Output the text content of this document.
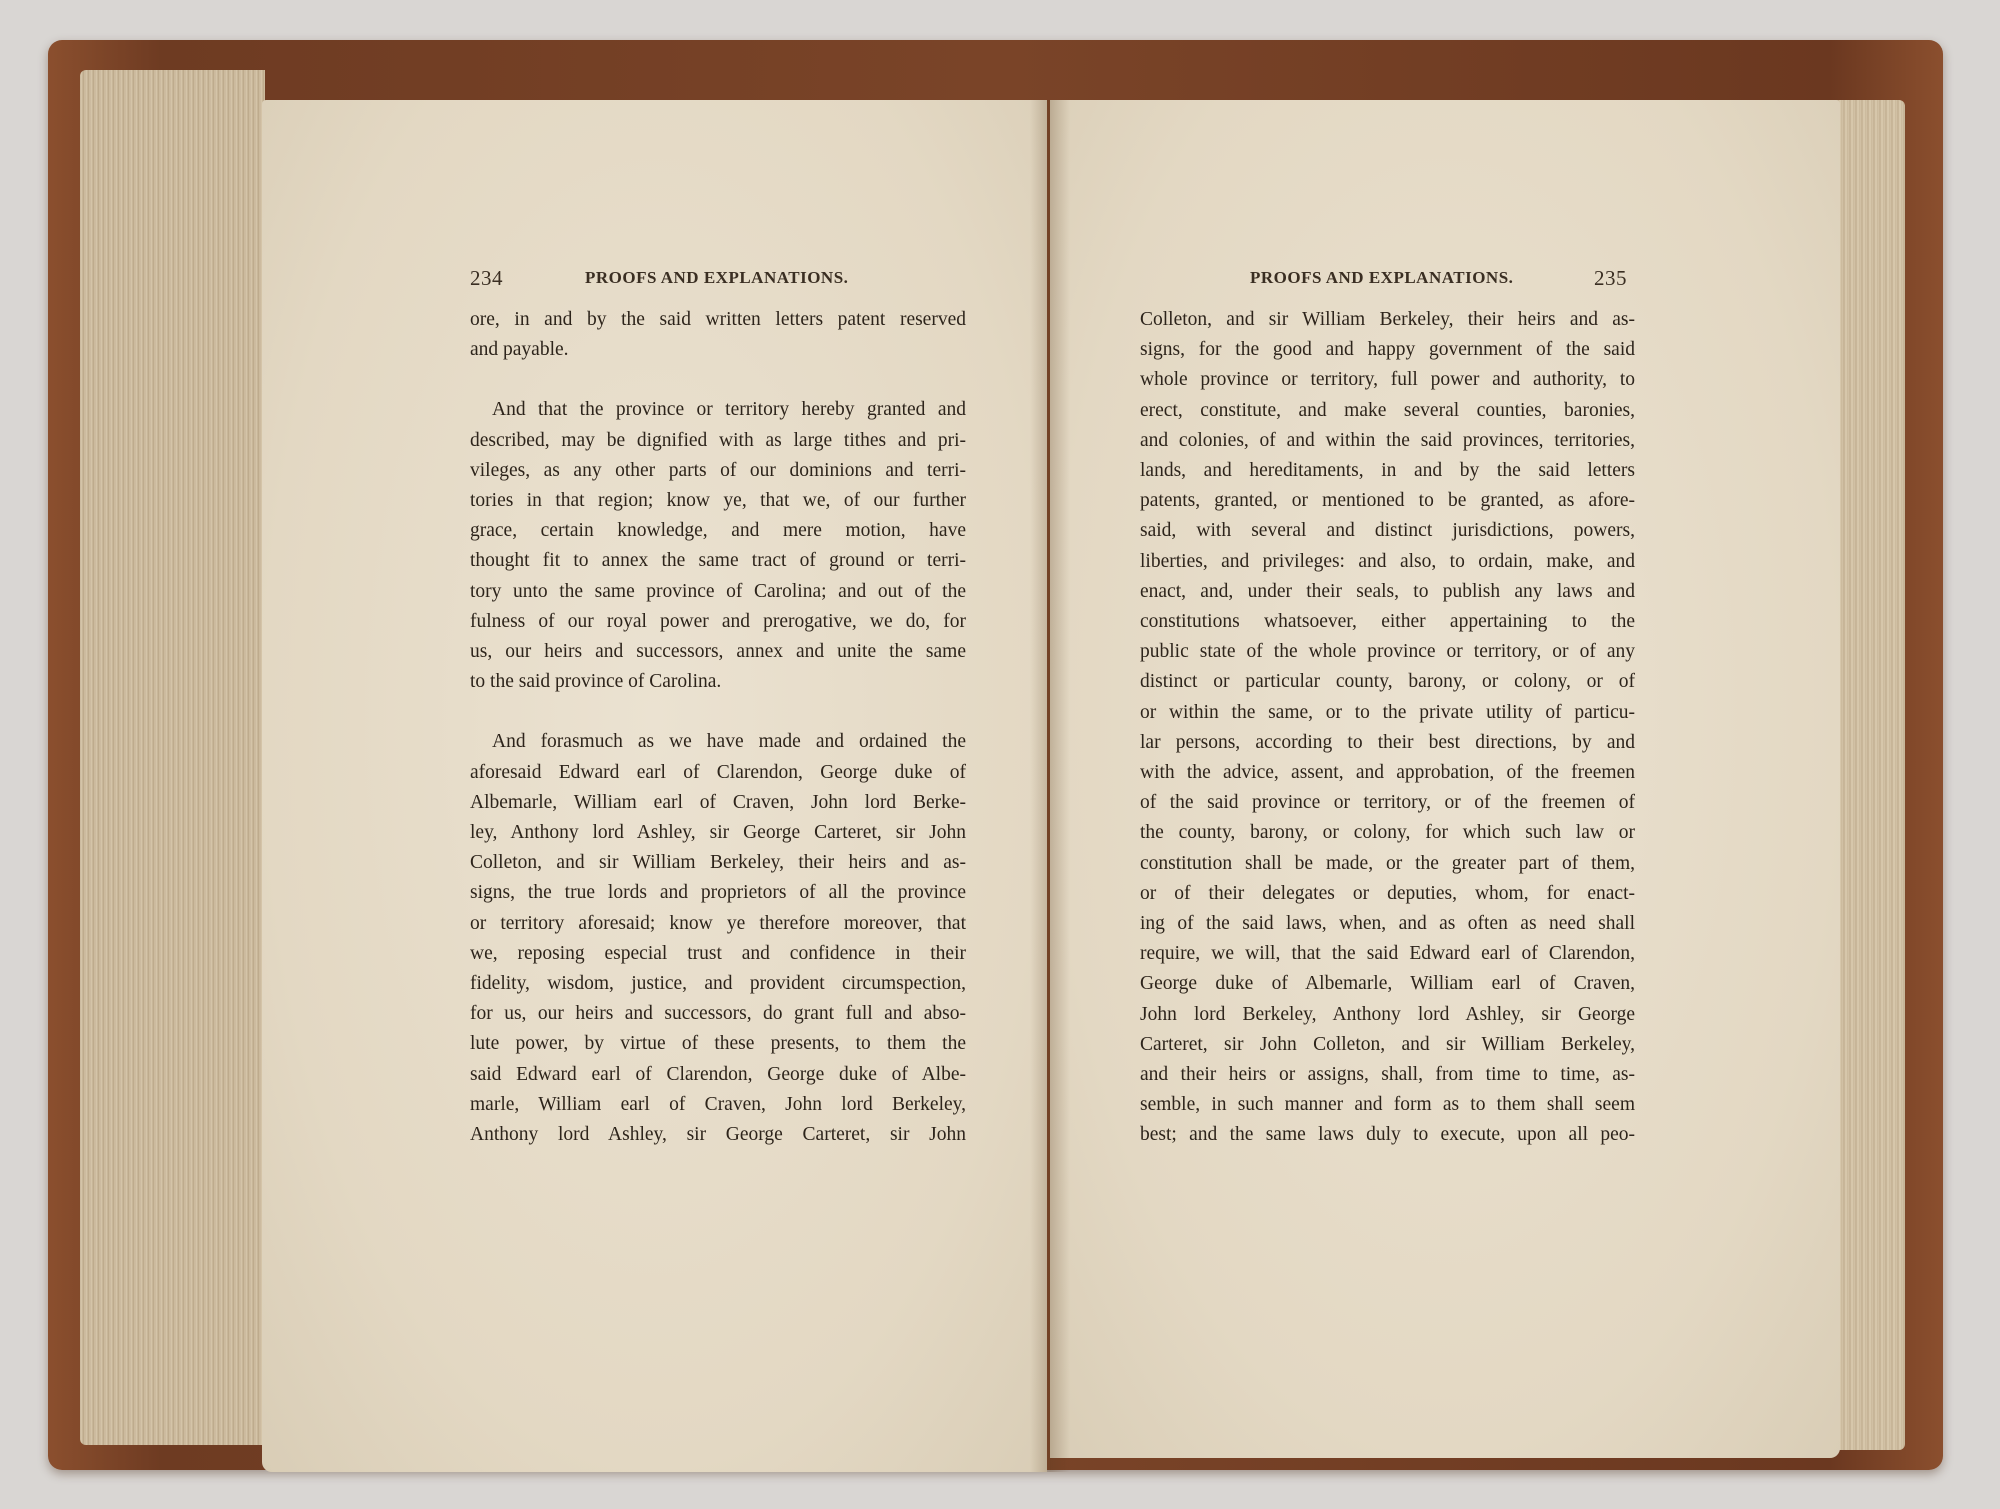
234	PROOFS AND EXPLANATIONS.	PROOFS AND EXPLANATIONS.	235

ore, in and by the said written letters patent reserved
and payable.

And that the province or territory hereby granted and
described, may be dignified with as large tithes and pri-
vileges, as any other parts of our dominions and terri-
tories in that region; know ye, that we, of our further
grace, certain knowledge, and mere motion, have
thought fit to annex the same tract of ground or terri-
tory unto the same province of Carolina; and out of the
fulness of our royal power and prerogative, we do, for
us, our heirs and successors, annex and unite the same
to the said province of Carolina.

And forasmuch as we have made and ordained the
aforesaid Edward earl of Clarendon, George duke of
Albemarle, William earl of Craven, John lord Berke-
ley, Anthony lord Ashley, sir George Carteret, sir John
Colleton, and sir William Berkeley, their heirs and as-
signs, the true lords and proprietors of all the province
or territory aforesaid; know ye therefore moreover, that
we, reposing especial trust and confidence in their
fidelity, wisdom, justice, and provident circumspection,
for us, our heirs and successors, do grant full and abso-
lute power, by virtue of these presents, to them the
said Edward earl of Clarendon, George duke of Albe-
marle, William earl of Craven, John lord Berkeley,
Anthony lord Ashley, sir George Carteret, sir John

Colleton, and sir William Berkeley, their heirs and as-
signs, for the good and happy government of the said
whole province or territory, full power and authority, to
erect, constitute, and make several counties, baronies,
and colonies, of and within the said provinces, territories,
lands, and hereditaments, in and by the said letters
patents, granted, or mentioned to be granted, as afore-
said, with several and distinct jurisdictions, powers,
liberties, and privileges: and also, to ordain, make, and
enact, and, under their seals, to publish any laws and
constitutions whatsoever, either appertaining to the
public state of the whole province or territory, or of any
distinct or particular county, barony, or colony, or of
or within the same, or to the private utility of particu-
lar persons, according to their best directions, by and
with the advice, assent, and approbation, of the freemen
of the said province or territory, or of the freemen of
the county, barony, or colony, for which such law or
constitution shall be made, or the greater part of them,
or of their delegates or deputies, whom, for enact-
ing of the said laws, when, and as often as need shall
require, we will, that the said Edward earl of Clarendon,
George duke of Albemarle, William earl of Craven,
John lord Berkeley, Anthony lord Ashley, sir George
Carteret, sir John Colleton, and sir William Berkeley,
and their heirs or assigns, shall, from time to time, as-
semble, in such manner and form as to them shall seem
best; and the same laws duly to execute, upon all peo-
